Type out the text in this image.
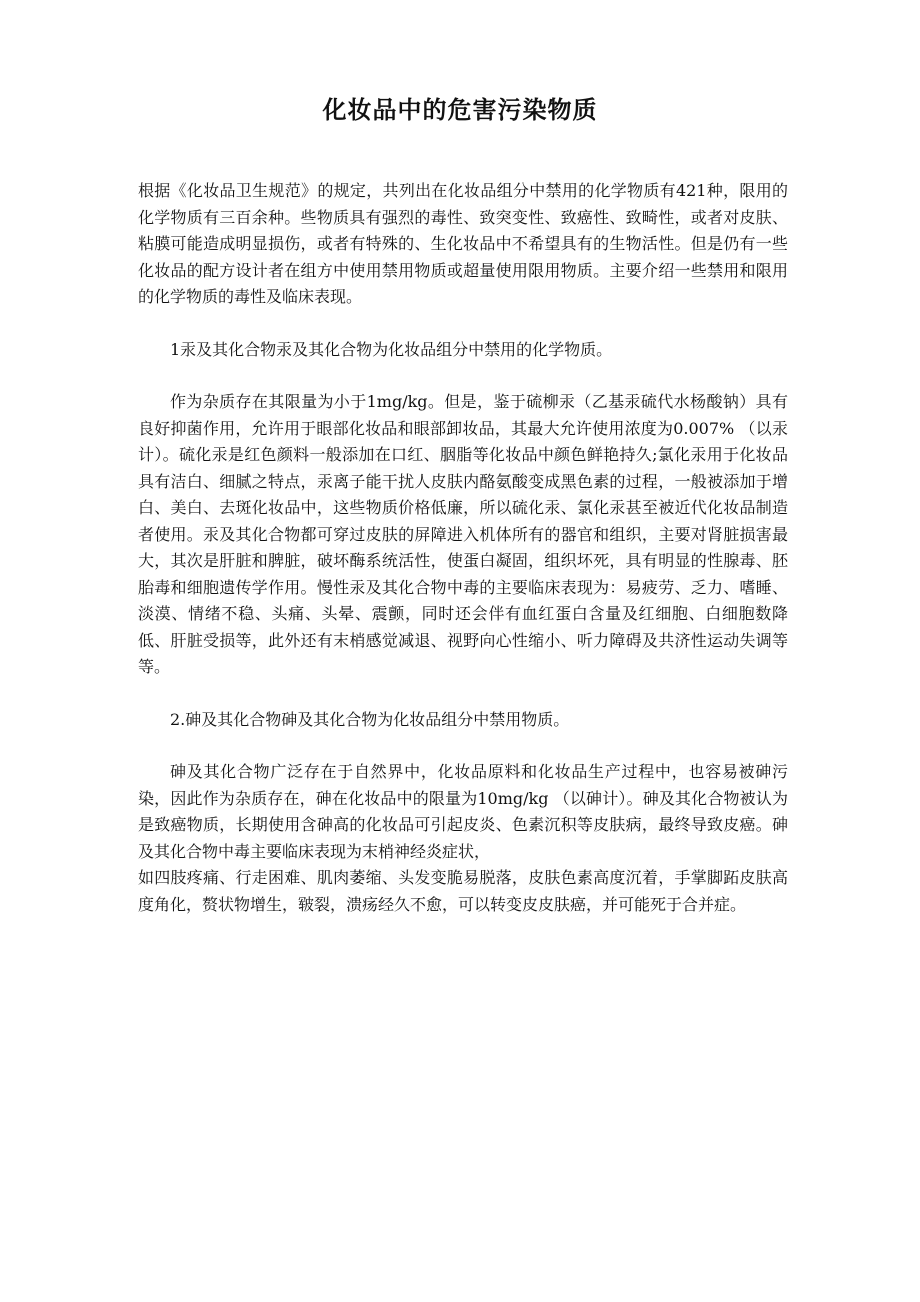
化妆品中的危害污染物质

根据《化妆品卫生规范》的规定，共列出在化妆品组分中禁用的化学物质有421种，限用的化学物质有三百余种。些物质具有强烈的毒性、致突变性、致癌性、致畸性，或者对皮肤、粘膜可能造成明显损伤，或者有特殊的、生化妆品中不希望具有的生物活性。但是仍有一些化妆品的配方设计者在组方中使用禁用物质或超量使用限用物质。主要介绍一些禁用和限用的化学物质的毒性及临床表现。

1汞及其化合物汞及其化合物为化妆品组分中禁用的化学物质。

作为杂质存在其限量为小于1mg/kg。但是，鉴于硫柳汞（乙基汞硫代水杨酸钠）具有良好抑菌作用，允许用于眼部化妆品和眼部卸妆品，其最大允许使用浓度为0.007% （以汞计）。硫化汞是红色颜料一般添加在口红、胭脂等化妆品中颜色鲜艳持久;氯化汞用于化妆品具有洁白、细腻之特点，汞离子能干扰人皮肤内酪氨酸变成黑色素的过程，一般被添加于增白、美白、去斑化妆品中，这些物质价格低廉，所以硫化汞、氯化汞甚至被近代化妆品制造者使用。汞及其化合物都可穿过皮肤的屏障进入机体所有的器官和组织，主要对肾脏损害最大，其次是肝脏和脾脏，破坏酶系统活性，使蛋白凝固，组织坏死，具有明显的性腺毒、胚胎毒和细胞遗传学作用。慢性汞及其化合物中毒的主要临床表现为：易疲劳、乏力、嗜睡、淡漠、情绪不稳、头痛、头晕、震颤，同时还会伴有血红蛋白含量及红细胞、白细胞数降低、肝脏受损等，此外还有末梢感觉减退、视野向心性缩小、听力障碍及共济性运动失调等等。

2.砷及其化合物砷及其化合物为化妆品组分中禁用物质。

砷及其化合物广泛存在于自然界中，化妆品原料和化妆品生产过程中，也容易被砷污染，因此作为杂质存在，砷在化妆品中的限量为10mg/kg （以砷计）。砷及其化合物被认为是致癌物质，长期使用含砷高的化妆品可引起皮炎、色素沉积等皮肤病，最终导致皮癌。砷及其化合物中毒主要临床表现为末梢神经炎症状，

如四肢疼痛、行走困难、肌肉萎缩、头发变脆易脱落，皮肤色素高度沉着，手掌脚跖皮肤高度角化，赘状物增生，皲裂，溃疡经久不愈，可以转变皮皮肤癌，并可能死于合并症。
